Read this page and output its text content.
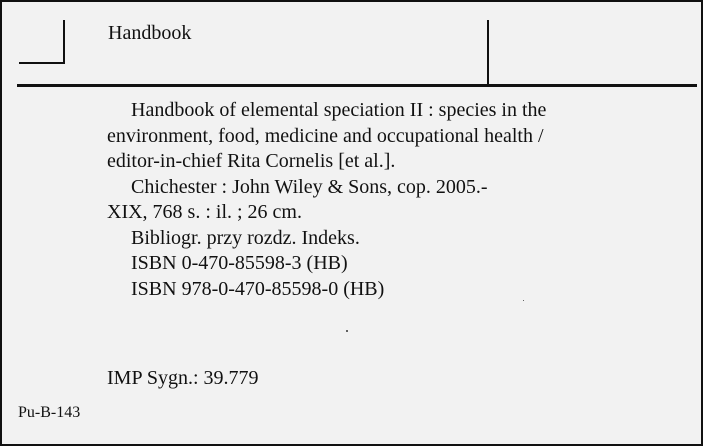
Handbook
Handbook of elemental speciation II : species in the
environment, food, medicine and occupational health /
editor-in-chief Rita Cornelis [et al.].
Chichester : John Wiley & Sons, cop. 2005.-
XIX, 768 s. : il. ; 26 cm.
Bibliogr. przy rozdz. Indeks.
ISBN 0-470-85598-3 (HB)
ISBN 978-0-470-85598-0 (HB)
IMP Sygn.: 39.779
Pu-B-143
